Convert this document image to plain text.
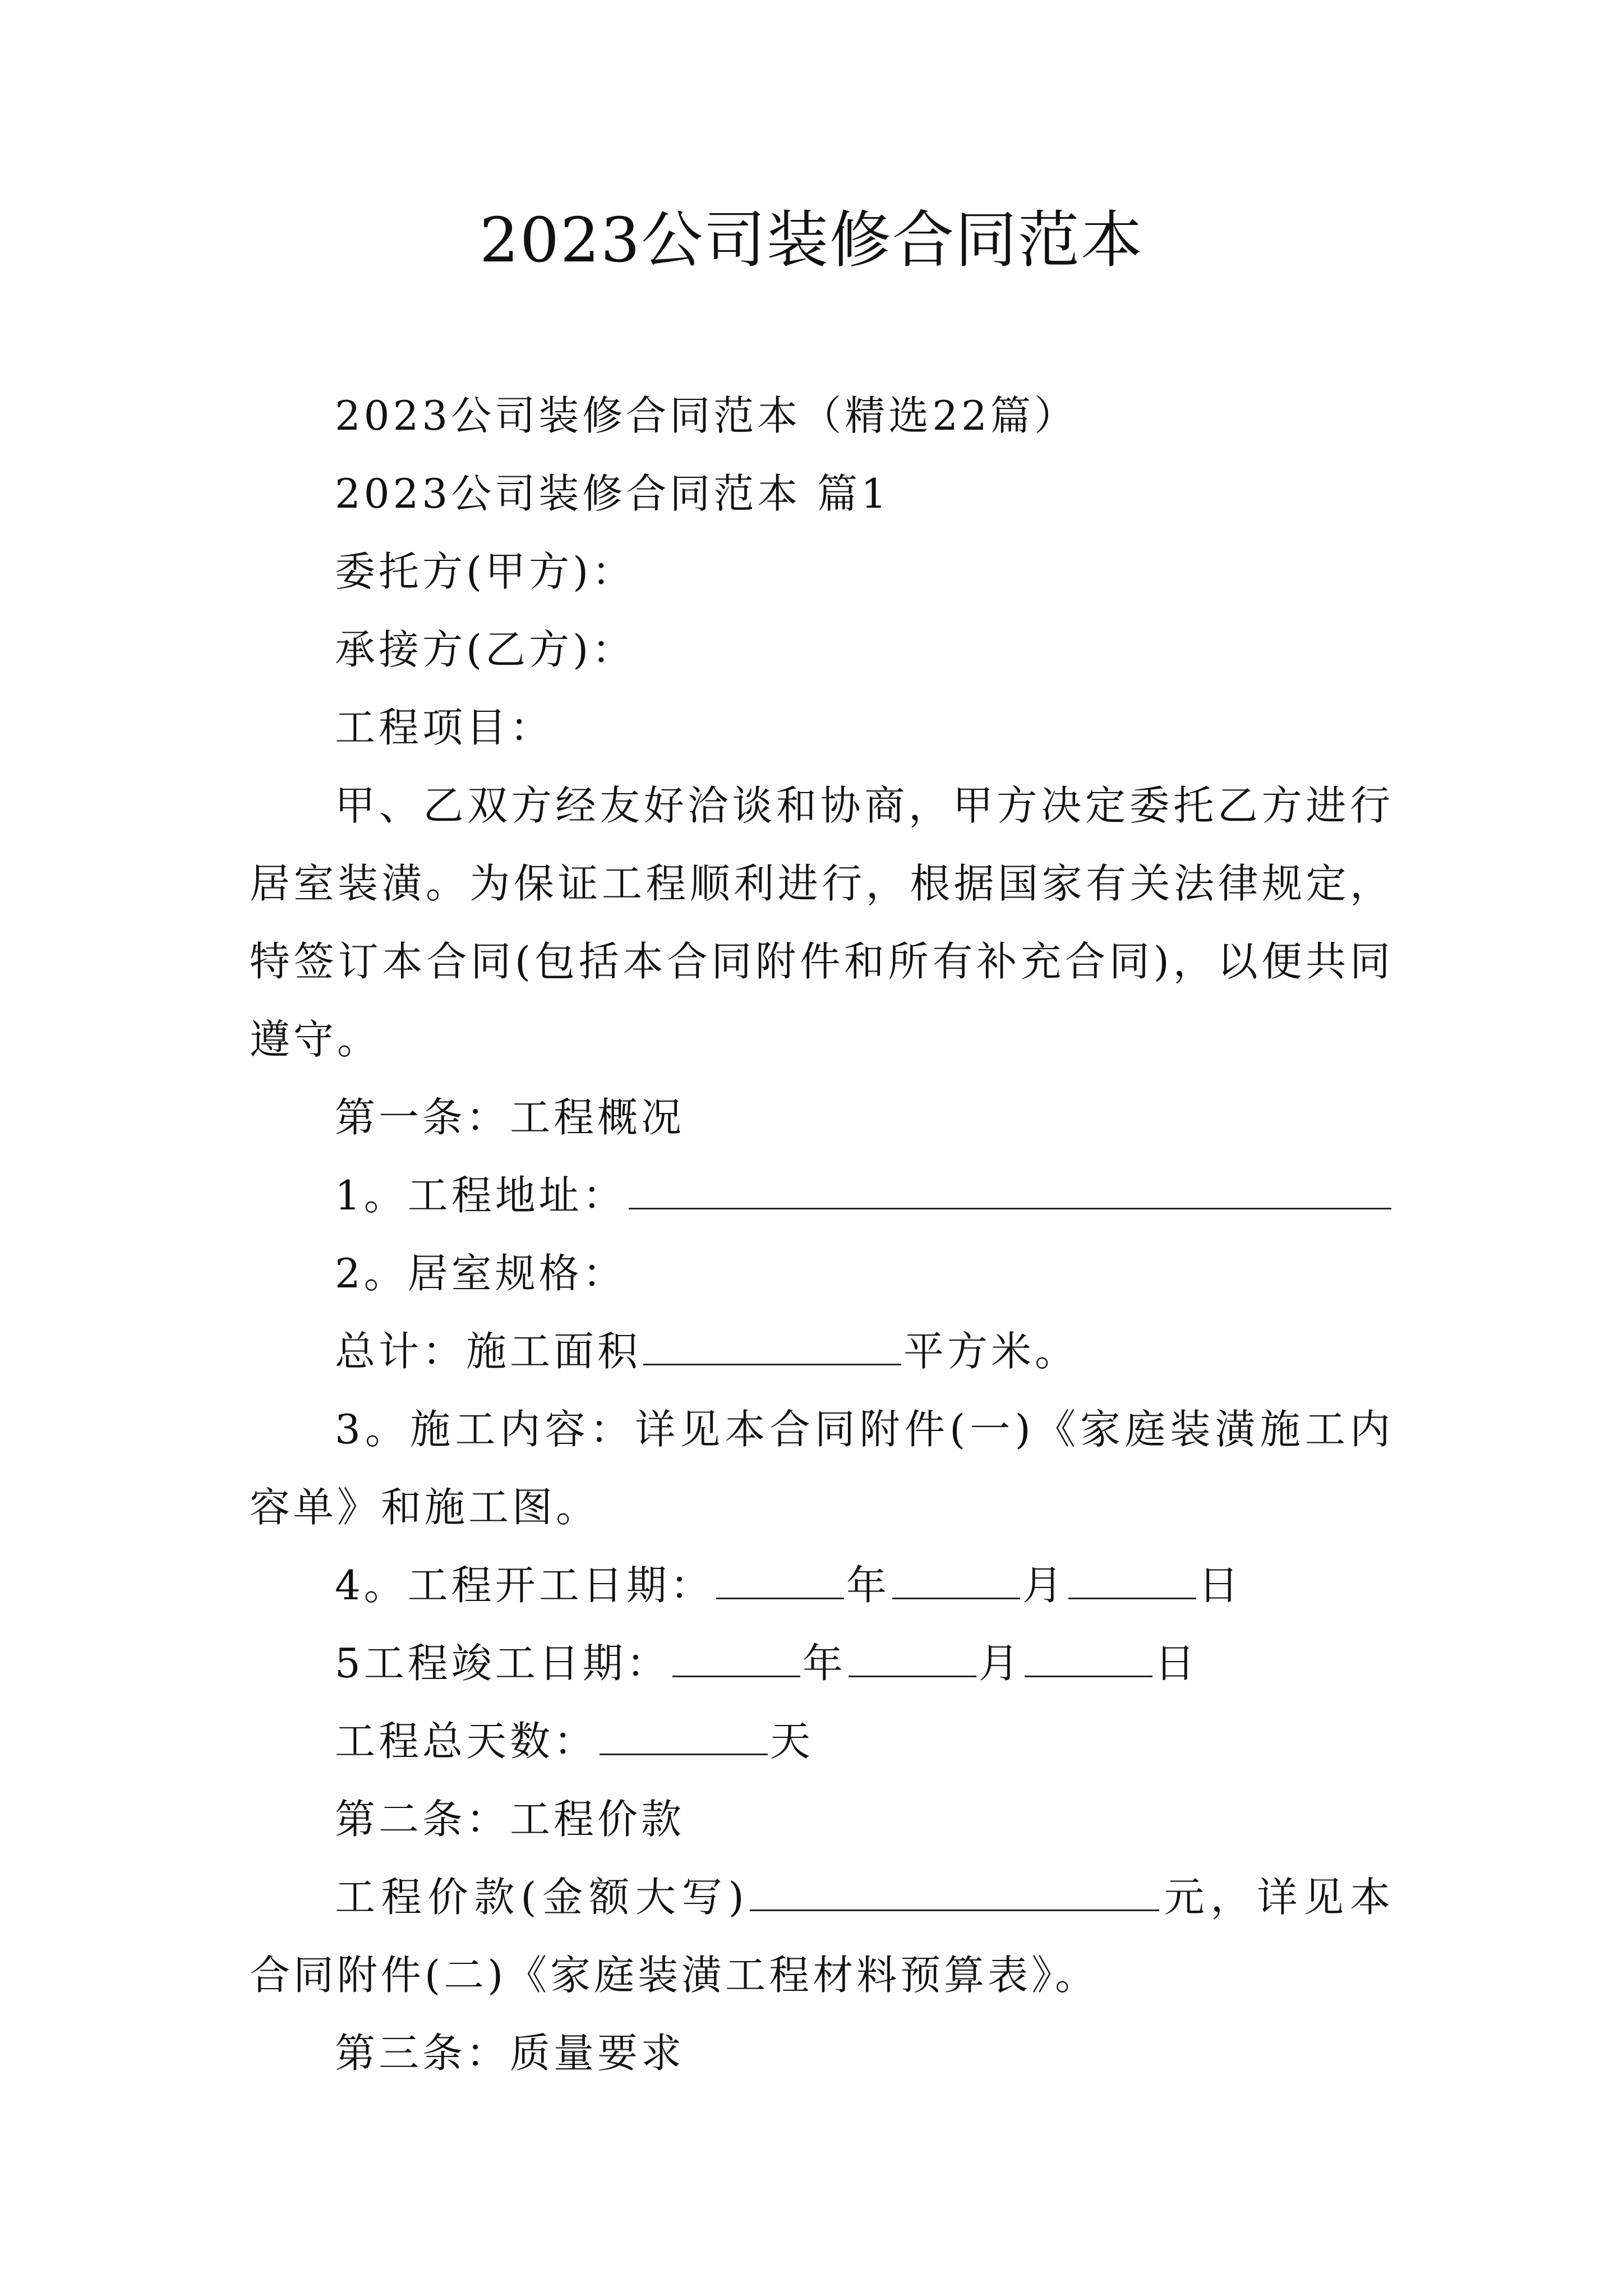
2023公司装修合同范本

2023公司装修合同范本（精选22篇）

2023公司装修合同范本 篇1

委托方(甲方)：

承接方(乙方)：

工程项目：

甲、乙双方经友好洽谈和协商，甲方决定委托乙方进行居室装潢。为保证工程顺利进行，根据国家有关法律规定，特签订本合同(包括本合同附件和所有补充合同)，以便共同遵守。

第一条：工程概况

1。工程地址：

2。居室规格：

总计：施工面积	平方米。

3。施工内容：详见本合同附件(一)《家庭装潢施工内容单》和施工图。

4。工程开工日期：	年	月	日

5工程竣工日期：	年	月	日

工程总天数：	天

第二条：工程价款

工程价款(金额大写)	元，详见本合同附件(二)《家庭装潢工程材料预算表》。

第三条：质量要求
